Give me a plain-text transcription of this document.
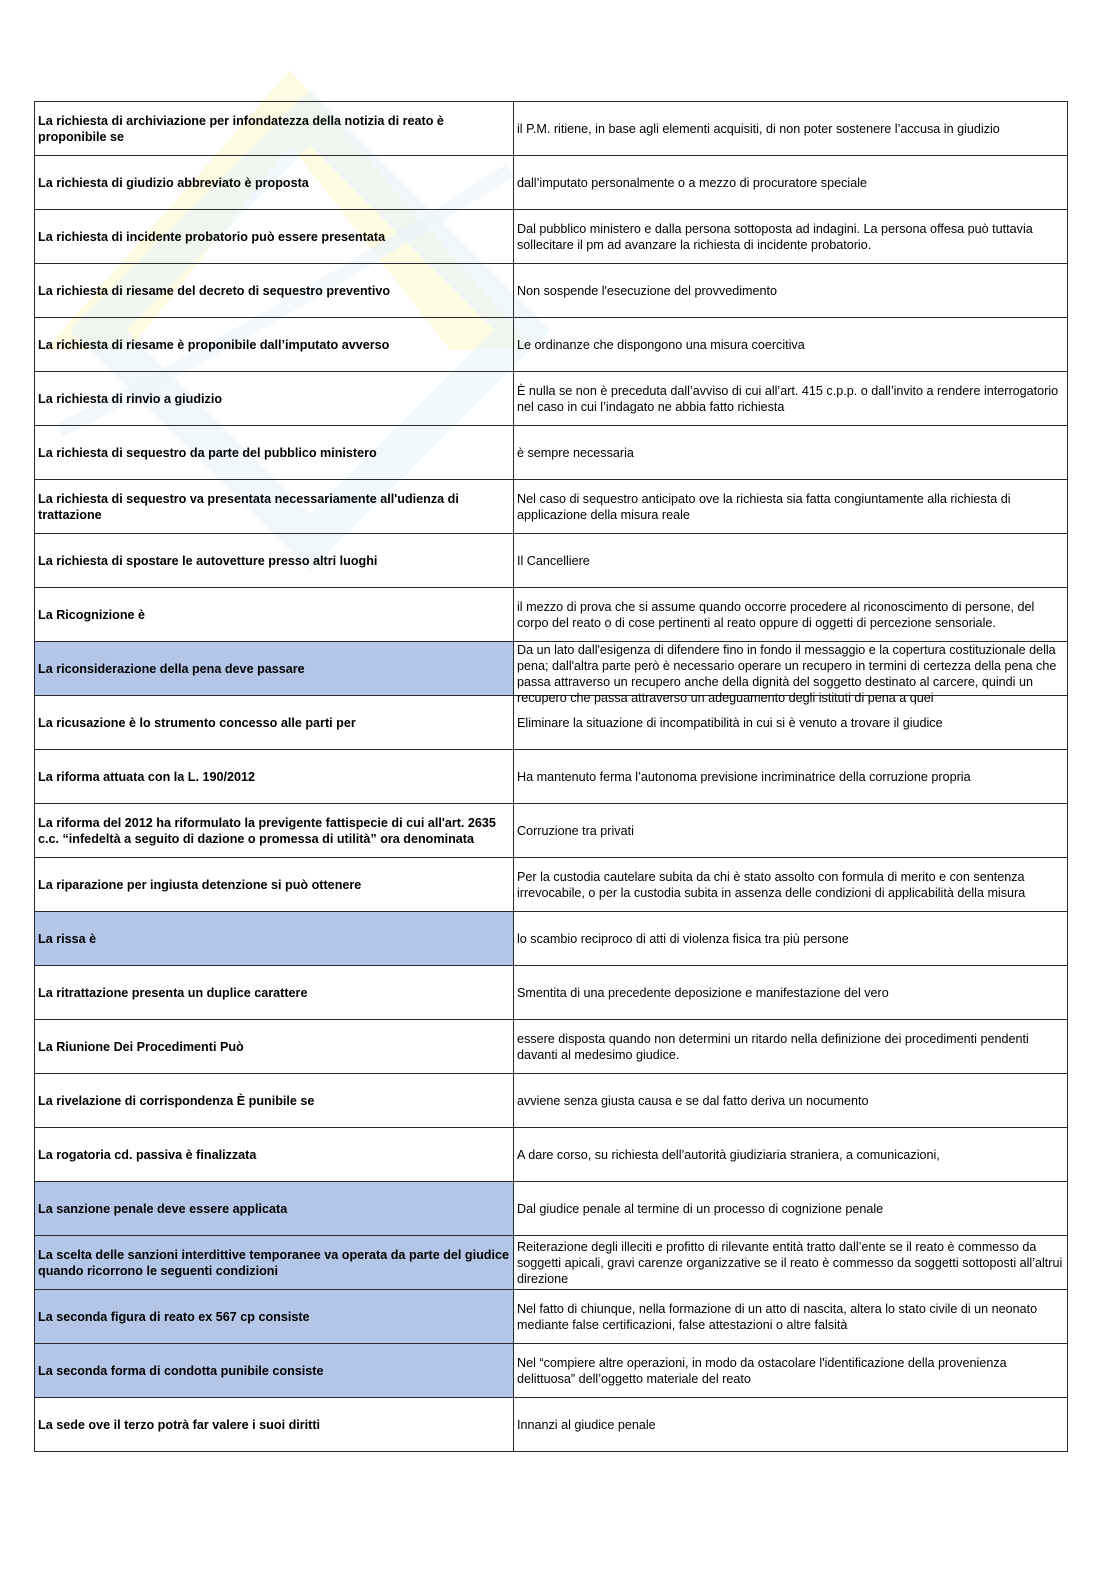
La richiesta di archiviazione per infondatezza della notizia di reato è proponibile se	il P.M. ritiene, in base agli elementi acquisiti, di non poter sostenere l’accusa in giudizio

La richiesta di giudizio abbreviato è proposta	dall’imputato personalmente o a mezzo di procuratore speciale

La richiesta di incidente probatorio può essere presentata	Dal pubblico ministero e dalla persona sottoposta ad indagini. La persona offesa può tuttavia sollecitare il pm ad avanzare la richiesta di incidente probatorio.

La richiesta di riesame del decreto di sequestro preventivo	Non sospende l'esecuzione del provvedimento

La richiesta di riesame è proponibile dall’imputato avverso	Le ordinanze che dispongono una misura coercitiva

La richiesta di rinvio a giudizio	È nulla se non è preceduta dall’avviso di cui all’art. 415 c.p.p. o dall’invito a rendere interrogatorio nel caso in cui l’indagato ne abbia fatto richiesta

La richiesta di sequestro da parte del pubblico ministero	è sempre necessaria

La richiesta di sequestro va presentata necessariamente all'udienza di trattazione	Nel caso di sequestro anticipato ove la richiesta sia fatta congiuntamente alla richiesta di applicazione della misura reale

La richiesta di spostare le autovetture presso altri luoghi	Il Cancelliere

La Ricognizione è	il mezzo di prova che si assume quando occorre procedere al riconoscimento di persone, del corpo del reato o di cose pertinenti al reato oppure di oggetti di percezione sensoriale.

La riconsiderazione della pena deve passare	Da un lato dall'esigenza di difendere fino in fondo il messaggio e la copertura costituzionale della pena; dall'altra parte però è necessario operare un recupero in termini di certezza della pena che passa attraverso un recupero anche della dignità del soggetto destinato al carcere, quindi un recupero che passa attraverso un adeguamento degli istituti di pena a quei

La ricusazione è lo strumento concesso alle parti per	Eliminare la situazione di incompatibilità in cui si è venuto a trovare il giudice

La riforma attuata con la L. 190/2012	Ha mantenuto ferma l’autonoma previsione incriminatrice della corruzione propria

La riforma del 2012 ha riformulato la previgente fattispecie di cui all'art. 2635 c.c. “infedeltà a seguito di dazione o promessa di utilità” ora denominata	Corruzione tra privati

La riparazione per ingiusta detenzione si può ottenere	Per la custodia cautelare subita da chi è stato assolto con formula di merito e con sentenza irrevocabile, o per la custodia subita in assenza delle condizioni di applicabilità della misura

La rissa è	lo scambio reciproco di atti di violenza fisica tra più persone

La ritrattazione presenta un duplice carattere	Smentita di una precedente deposizione e manifestazione del vero

La Riunione Dei Procedimenti Può	essere disposta quando non determini un ritardo nella definizione dei procedimenti pendenti davanti al medesimo giudice.

La rivelazione di corrispondenza È punibile se	avviene senza giusta causa e se dal fatto deriva un nocumento

La rogatoria cd. passiva è finalizzata	A dare corso, su richiesta dell’autorità giudiziaria straniera, a comunicazioni,

La sanzione penale deve essere applicata	Dal giudice penale al termine di un processo di cognizione penale

La scelta delle sanzioni interdittive temporanee va operata da parte del giudice quando ricorrono le seguenti condizioni	Reiterazione degli illeciti e profitto di rilevante entità tratto dall’ente se il reato è commesso da soggetti apicali, gravi carenze organizzative se il reato è commesso da soggetti sottoposti all’altrui direzione

La seconda figura di reato ex 567 cp consiste	Nel fatto di chiunque, nella formazione di un atto di nascita, altera lo stato civile di un neonato mediante false certificazioni, false attestazioni o altre falsità

La seconda forma di condotta punibile consiste	Nel “compiere altre operazioni, in modo da ostacolare l'identificazione della provenienza delittuosa” dell’oggetto materiale del reato

La sede ove il terzo potrà far valere i suoi diritti	Innanzi al giudice penale
